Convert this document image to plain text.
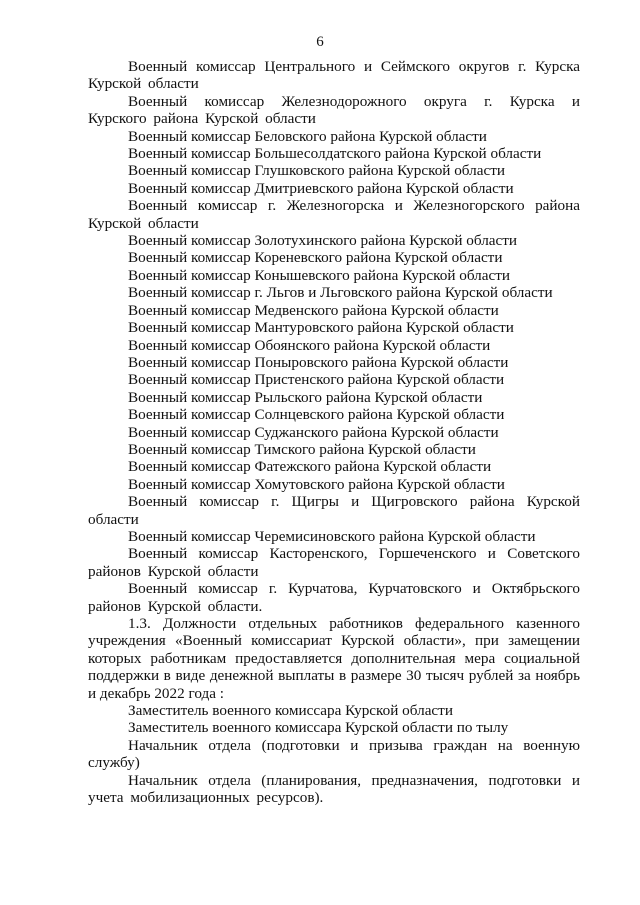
6

Военный комиссар Центрального и Сеймского округов г. Курска Курской области

Военный комиссар Железнодорожного округа г. Курска и Курского района Курской области

Военный комиссар Беловского района Курской области

Военный комиссар Большесолдатского района Курской области

Военный комиссар Глушковского района Курской области

Военный комиссар Дмитриевского района Курской области

Военный комиссар г. Железногорска и Железногорского района Курской области

Военный комиссар Золотухинского района Курской области

Военный комиссар Кореневского района Курской области

Военный комиссар Конышевского района Курской области

Военный комиссар г. Льгов и Льговского района Курской области

Военный комиссар Медвенского района Курской области

Военный комиссар Мантуровского района Курской области

Военный комиссар Обоянского района Курской области

Военный комиссар Поныровского района Курской области

Военный комиссар Пристенского района Курской области

Военный комиссар Рыльского района Курской области

Военный комиссар Солнцевского района Курской области

Военный комиссар Суджанского района Курской области

Военный комиссар Тимского района Курской области

Военный комиссар Фатежского района Курской области

Военный комиссар Хомутовского района Курской области

Военный комиссар г. Щигры и Щигровского района Курской области

Военный комиссар Черемисиновского района Курской области

Военный комиссар Касторенского, Горшеченского и Советского районов Курской области

Военный комиссар г. Курчатова, Курчатовского и Октябрьского районов Курской области.

1.3. Должности отдельных работников федерального казенного учреждения «Военный комиссариат Курской области», при замещении которых работникам предоставляется дополнительная мера социальной поддержки в виде денежной выплаты в размере 30 тысяч рублей за ноябрь и декабрь 2022 года :

Заместитель военного комиссара Курской области

Заместитель военного комиссара Курской области по тылу

Начальник отдела (подготовки и призыва граждан на военную службу)

Начальник отдела (планирования, предназначения, подготовки и учета мобилизационных ресурсов).
